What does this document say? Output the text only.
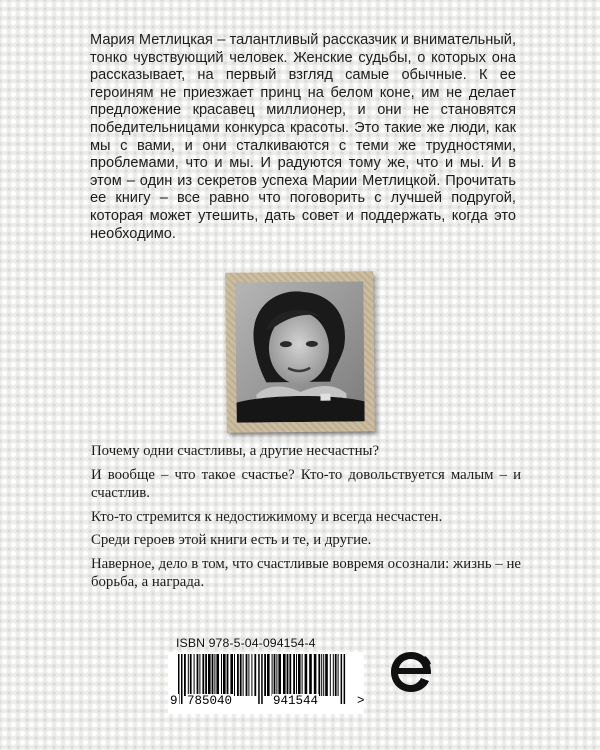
Мария Метлицкая – талантливый рассказчик и внимательный, тонко чувствующий человек. Женские судьбы, о которых она рассказывает, на первый взгляд самые обычные. К ее героиням не приезжает принц на белом коне, им не делает предложение красавец миллионер, и они не становятся победительницами конкурса красоты. Это такие же люди, как мы с вами, и они сталкиваются с теми же трудностями, проблемами, что и мы. И радуются тому же, что и мы. И в этом – один из секретов успеха Марии Метлицкой. Прочитать ее книгу – все равно что поговорить с лучшей подругой, которая может утешить, дать совет и поддержать, когда это необходимо.

Почему одни счастливы, а другие несчастны?

И вообще – что такое счастье? Кто-то довольствуется малым – и счастлив.

Кто-то стремится к недостижимому и всегда несчастен.

Среди героев этой книги есть и те, и другие.

Наверное, дело в том, что счастливые вовремя осознали: жизнь – не борьба, а награда.

ISBN 978-5-04-094154-4
9 785040	941544	>
